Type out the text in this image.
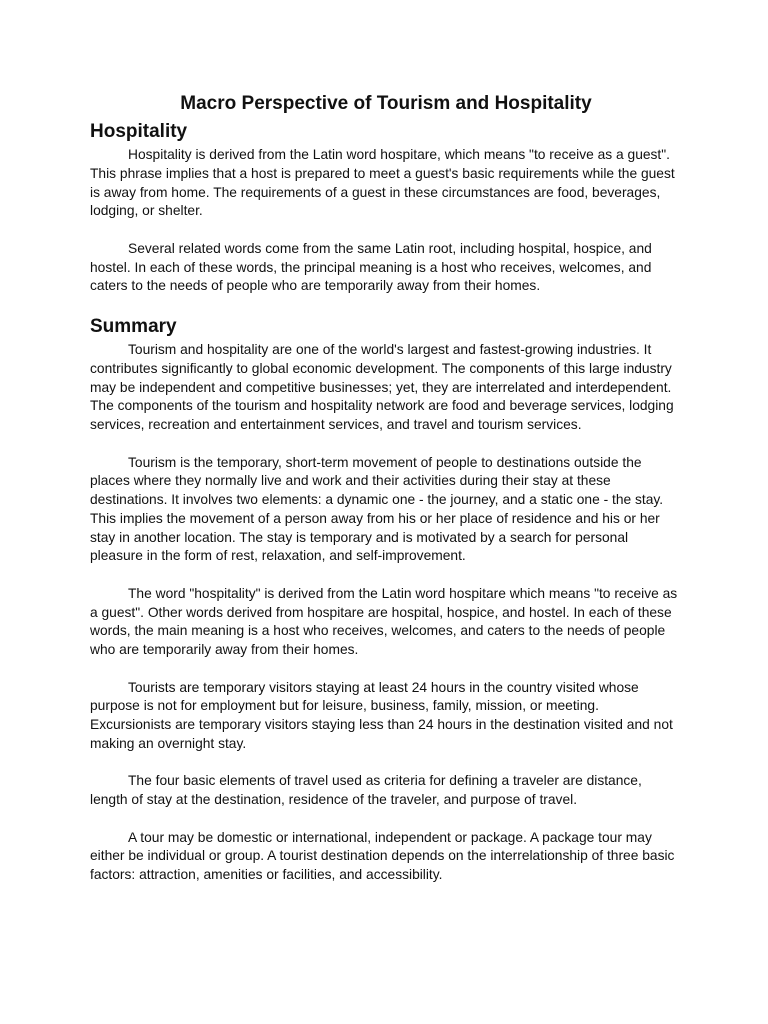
Macro Perspective of Tourism and Hospitality
Hospitality

Hospitality is derived from the Latin word hospitare, which means "to receive as a guest". This phrase implies that a host is prepared to meet a guest's basic requirements while the guest is away from home. The requirements of a guest in these circumstances are food, beverages, lodging, or shelter.

Several related words come from the same Latin root, including hospital, hospice, and hostel. In each of these words, the principal meaning is a host who receives, welcomes, and caters to the needs of people who are temporarily away from their homes.

Summary

Tourism and hospitality are one of the world's largest and fastest-growing industries. It contributes significantly to global economic development. The components of this large industry may be independent and competitive businesses; yet, they are interrelated and interdependent. The components of the tourism and hospitality network are food and beverage services, lodging services, recreation and entertainment services, and travel and tourism services.

Tourism is the temporary, short-term movement of people to destinations outside the places where they normally live and work and their activities during their stay at these destinations. It involves two elements: a dynamic one - the journey, and a static one - the stay. This implies the movement of a person away from his or her place of residence and his or her stay in another location. The stay is temporary and is motivated by a search for personal pleasure in the form of rest, relaxation, and self-improvement.

The word "hospitality" is derived from the Latin word hospitare which means "to receive as a guest". Other words derived from hospitare are hospital, hospice, and hostel. In each of these words, the main meaning is a host who receives, welcomes, and caters to the needs of people who are temporarily away from their homes.

Tourists are temporary visitors staying at least 24 hours in the country visited whose purpose is not for employment but for leisure, business, family, mission, or meeting. Excursionists are temporary visitors staying less than 24 hours in the destination visited and not making an overnight stay.

The four basic elements of travel used as criteria for defining a traveler are distance, length of stay at the destination, residence of the traveler, and purpose of travel.

A tour may be domestic or international, independent or package. A package tour may either be individual or group. A tourist destination depends on the interrelationship of three basic factors: attraction, amenities or facilities, and accessibility.
